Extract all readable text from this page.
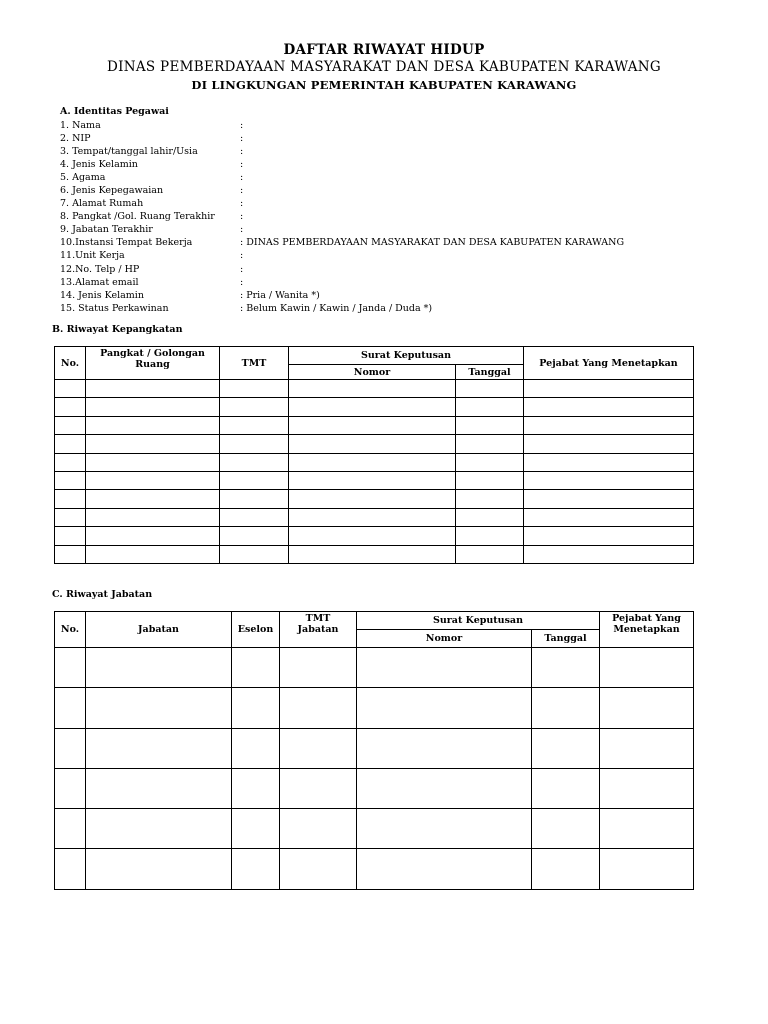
DAFTAR RIWAYAT HIDUP
DINAS PEMBERDAYAAN MASYARAKAT DAN DESA KABUPATEN KARAWANG
DI LINGKUNGAN PEMERINTAH KABUPATEN KARAWANG
A. Identitas Pegawai
1. Nama	:
2. NIP	:
3. Tempat/tanggal lahir/Usia	:
4. Jenis Kelamin	:
5. Agama	:
6. Jenis Kepegawaian	:
7. Alamat Rumah	:
8. Pangkat /Gol. Ruang Terakhir	:
9. Jabatan Terakhir	:
10.Instansi Tempat Bekerja	: DINAS PEMBERDAYAAN MASYARAKAT DAN DESA KABUPATEN KARAWANG
11.Unit Kerja	:
12.No. Telp / HP	:
13.Alamat email	:
14. Jenis Kelamin	: Pria / Wanita *)
15. Status Perkawinan	: Belum Kawin / Kawin / Janda / Duda *)
B. Riwayat Kepangkatan
No.	Pangkat / Golongan Ruang	TMT	Surat Keputusan		Pejabat Yang Menetapkan
			Nomor	Tanggal	

C. Riwayat Jabatan
No.	Jabatan	Eselon	TMT Jabatan	Surat Keputusan		Pejabat Yang Menetapkan
				Nomor	Tanggal	
